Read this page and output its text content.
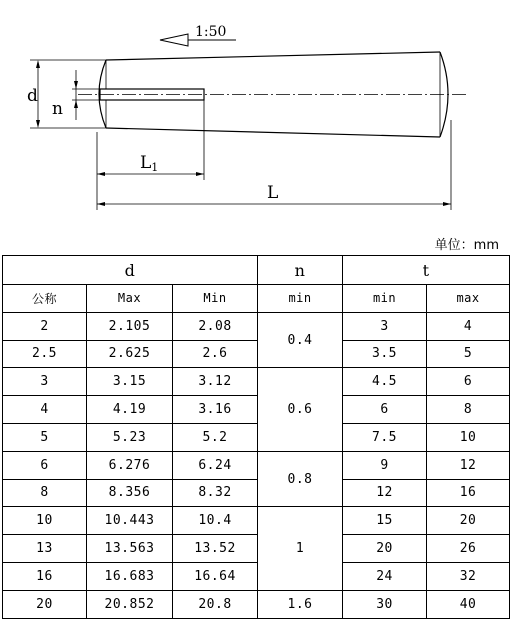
1:50
d
n
L1
L
单位：mm
d			n	t	
公称	Max	Min	min	min	max
2	2.105	2.08	0.4	3	4
2.5	2.625	2.6		3.5	5
3	3.15	3.12	0.6	4.5	6
4	4.19	3.16		6	8
5	5.23	5.2		7.5	10
6	6.276	6.24	0.8	9	12
8	8.356	8.32		12	16
10	10.443	10.4	1	15	20
13	13.563	13.52		20	26
16	16.683	16.64		24	32
20	20.852	20.8	1.6	30	40
